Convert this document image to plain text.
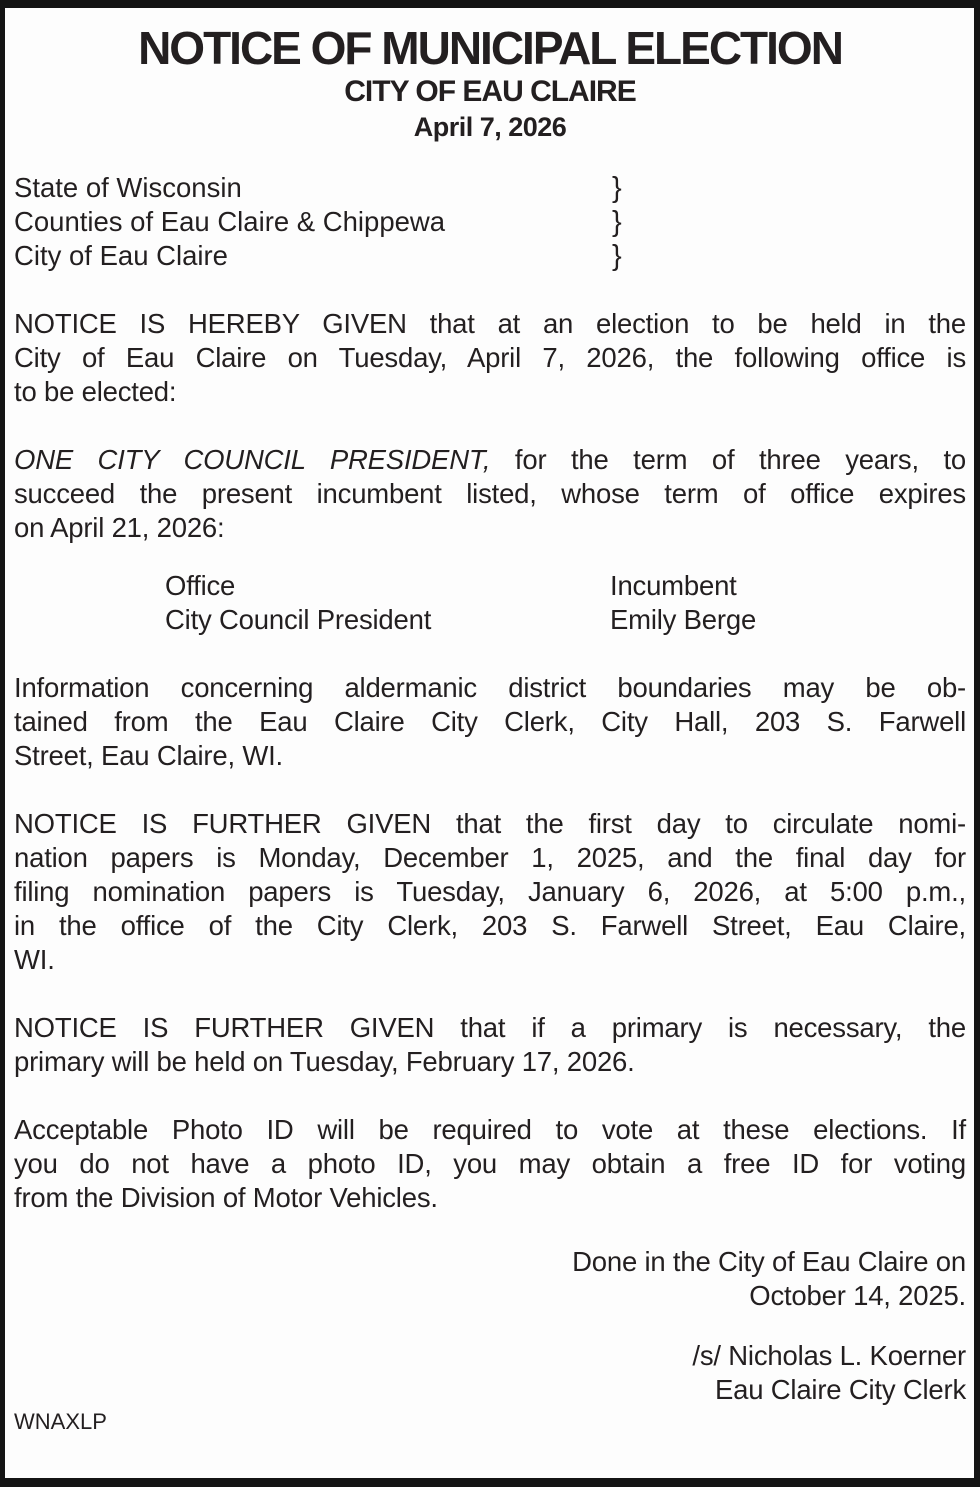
NOTICE OF MUNICIPAL ELECTION
CITY OF EAU CLAIRE
April 7, 2026
State of Wisconsin	}
Counties of Eau Claire & Chippewa	}
City of Eau Claire	}
NOTICE IS HEREBY GIVEN that at an election to be held in the
City of Eau Claire on Tuesday, April 7, 2026, the following office is
to be elected:
ONE CITY COUNCIL PRESIDENT, for the term of three years, to
succeed the present incumbent listed, whose term of office expires
on April 21, 2026:
Office	Incumbent
City Council President	Emily Berge
Information concerning aldermanic district boundaries may be ob-
tained from the Eau Claire City Clerk, City Hall, 203 S. Farwell
Street, Eau Claire, WI.
NOTICE IS FURTHER GIVEN that the first day to circulate nomi-
nation papers is Monday, December 1, 2025, and the final day for
filing nomination papers is Tuesday, January 6, 2026, at 5:00 p.m.,
in the office of the City Clerk, 203 S. Farwell Street, Eau Claire,
WI.
NOTICE IS FURTHER GIVEN that if a primary is necessary, the
primary will be held on Tuesday, February 17, 2026.
Acceptable Photo ID will be required to vote at these elections. If
you do not have a photo ID, you may obtain a free ID for voting
from the Division of Motor Vehicles.
Done in the City of Eau Claire on
October 14, 2025.
/s/ Nicholas L. Koerner
Eau Claire City Clerk
WNAXLP
